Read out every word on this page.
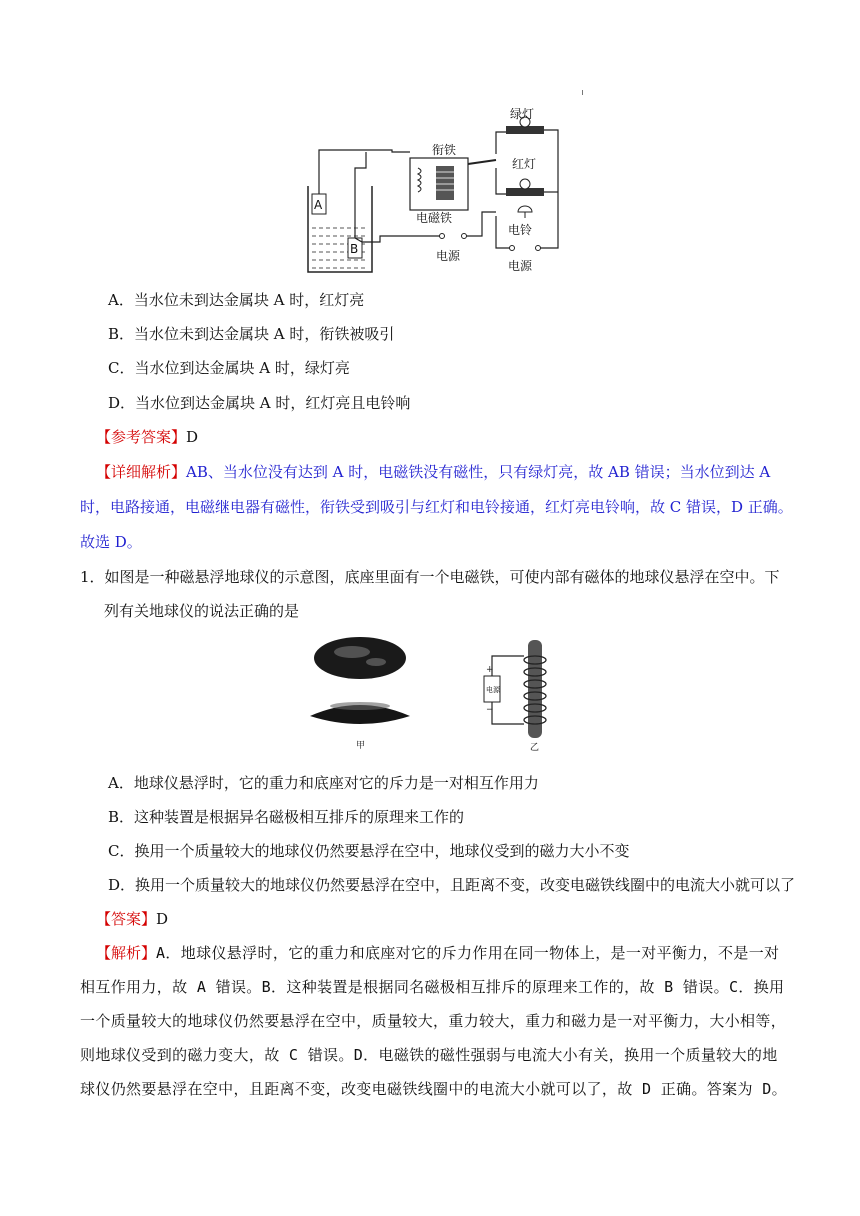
A
B
衔铁
电磁铁
绿灯
红灯
电铃
电源
电源
A．当水位未到达金属块 A 时，红灯亮
B．当水位未到达金属块 A 时，衔铁被吸引
C．当水位到达金属块 A 时，绿灯亮
D．当水位到达金属块 A 时，红灯亮且电铃响
【参考答案】D
【详细解析】AB、当水位没有达到 A 时，电磁铁没有磁性，只有绿灯亮，故 AB 错误；当水位到达 A
时，电路接通，电磁继电器有磁性，衔铁受到吸引与红灯和电铃接通，红灯亮电铃响，故 C 错误，D 正确。
故选 D。
1．如图是一种磁悬浮地球仪的示意图，底座里面有一个电磁铁，可使内部有磁体的地球仪悬浮在空中。下
列有关地球仪的说法正确的是
甲
电源
+
−
乙
A．地球仪悬浮时，它的重力和底座对它的斥力是一对相互作用力
B．这种装置是根据异名磁极相互排斥的原理来工作的
C．换用一个质量较大的地球仪仍然要悬浮在空中，地球仪受到的磁力大小不变
D．换用一个质量较大的地球仪仍然要悬浮在空中，且距离不变，改变电磁铁线圈中的电流大小就可以了
【答案】D
【解析】A．地球仪悬浮时，它的重力和底座对它的斥力作用在同一物体上，是一对平衡力，不是一对
相互作用力，故 A 错误。B．这种装置是根据同名磁极相互排斥的原理来工作的，故 B 错误。C．换用
一个质量较大的地球仪仍然要悬浮在空中，质量较大，重力较大，重力和磁力是一对平衡力，大小相等，
则地球仪受到的磁力变大，故 C 错误。D．电磁铁的磁性强弱与电流大小有关，换用一个质量较大的地
球仪仍然要悬浮在空中，且距离不变，改变电磁铁线圈中的电流大小就可以了，故 D 正确。答案为 D。
